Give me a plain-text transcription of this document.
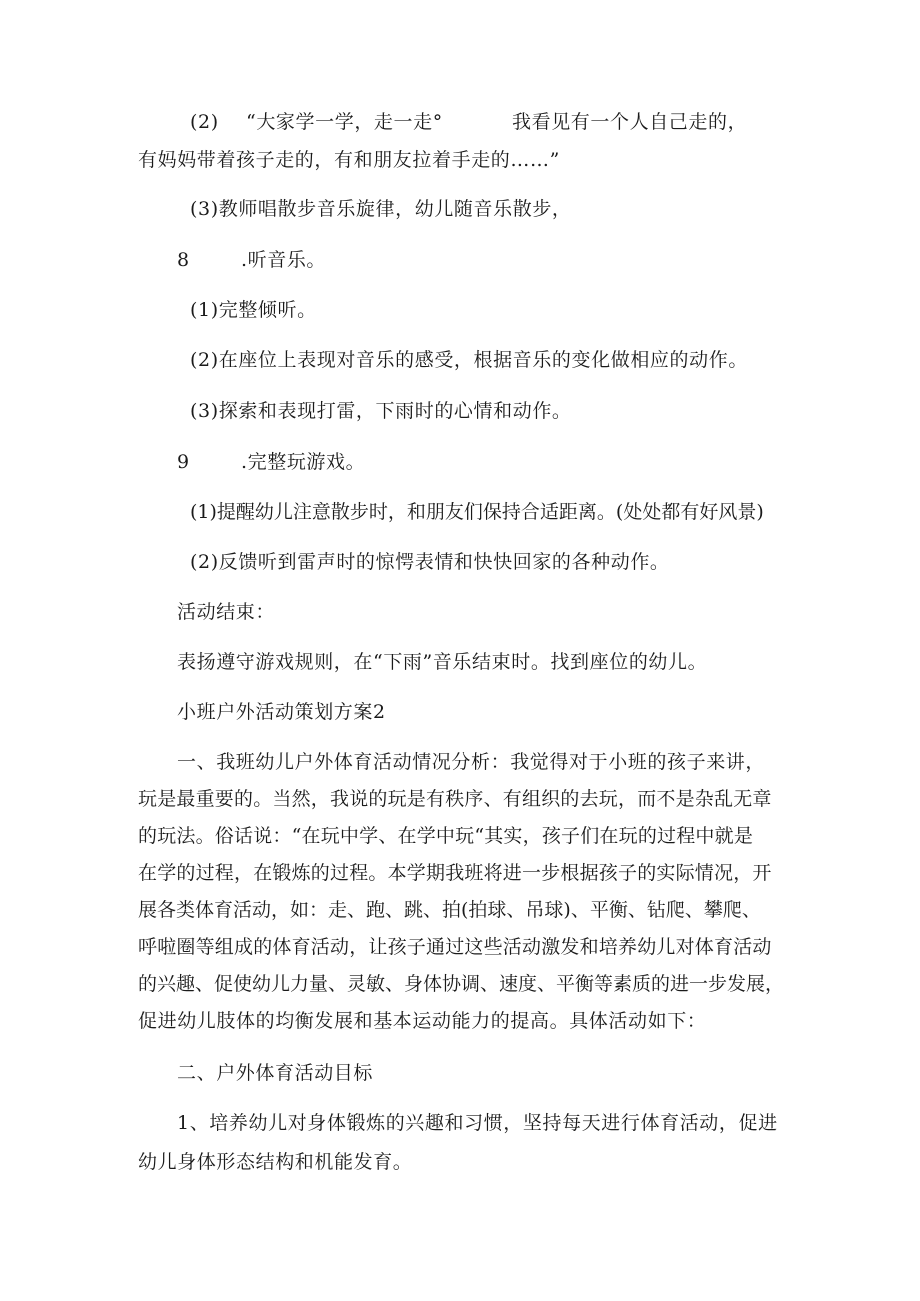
(2) “大家学一学，走一走°	我看见有一个人自己走的，
有妈妈带着孩子走的，有和朋友拉着手走的……”
(3)教师唱散步音乐旋律，幼儿随音乐散步，
8	.听音乐。
(1)完整倾听。
(2)在座位上表现对音乐的感受，根据音乐的变化做相应的动作。
(3)探索和表现打雷，下雨时的心情和动作。
9	.完整玩游戏。
(1)提醒幼儿注意散步时，和朋友们保持合适距离。(处处都有好风景)
(2)反馈听到雷声时的惊愕表情和快快回家的各种动作。
活动结束：
表扬遵守游戏规则，在“下雨”音乐结束时。找到座位的幼儿。
小班户外活动策划方案2
一、我班幼儿户外体育活动情况分析：我觉得对于小班的孩子来讲，
玩是最重要的。当然，我说的玩是有秩序、有组织的去玩，而不是杂乱无章
的玩法。俗话说：“在玩中学、在学中玩“其实，孩子们在玩的过程中就是
在学的过程，在锻炼的过程。本学期我班将进一步根据孩子的实际情况，开
展各类体育活动，如：走、跑、跳、拍(拍球、吊球)、平衡、钻爬、攀爬、
呼啦圈等组成的体育活动，让孩子通过这些活动激发和培养幼儿对体育活动
的兴趣、促使幼儿力量、灵敏、身体协调、速度、平衡等素质的进一步发展，
促进幼儿肢体的均衡发展和基本运动能力的提高。具体活动如下：
二、户外体育活动目标
1、培养幼儿对身体锻炼的兴趣和习惯，坚持每天进行体育活动，促进
幼儿身体形态结构和机能发育。
